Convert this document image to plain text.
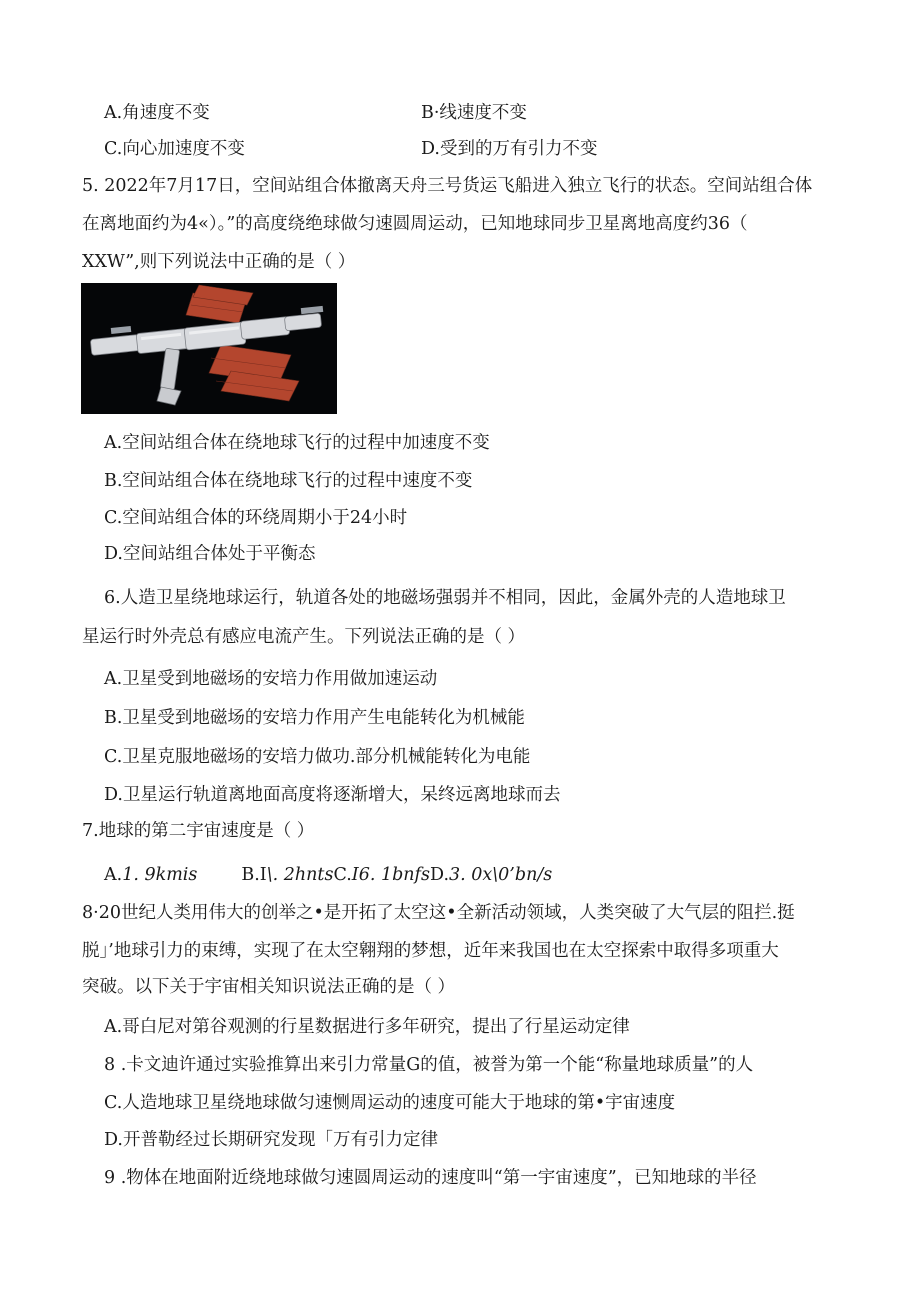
A.角速度不变	B·线速度不变
C.向心加速度不变	D.受到的万有引力不变
5. 2022年7月17日，空间站组合体撤离天舟三号货运飞船进入独立飞行的状态。空间站组合体
在离地面约为4«）。”的高度绕绝球做匀速圆周运动，已知地球同步卫星离地高度约36（
XXW”,则下列说法中正确的是（ ）
A.空间站组合体在绕地球飞行的过程中加速度不变
B.空间站组合体在绕地球飞行的过程中速度不变
C.空间站组合体的环绕周期小于24小时
D.空间站组合体处于平衡态
6.人造卫星绕地球运行，轨道各处的地磁场强弱并不相同，因此，金属外壳的人造地球卫
星运行时外壳总有感应电流产生。下列说法正确的是（ ）
A.卫星受到地磁场的安培力作用做加速运动
B.卫星受到地磁场的安培力作用产生电能转化为机械能
C.卫星克服地磁场的安培力做功.部分机械能转化为电能
D.卫星运行轨道离地面高度将逐渐增大，呆终远离地球而去
7.地球的第二宇宙速度是（ ）
A.1. 9kmis	B.I\. 2hntsC.I6. 1bnfsD.3. 0x\0’bn/s
8·20世纪人类用伟大的创举之•是开拓了太空这•全新活动领域，人类突破了大气层的阻拦.挺
脱」’地球引力的束缚，实现了在太空翱翔的梦想，近年来我国也在太空探索中取得多项重大
突破。以下关于宇宙相关知识说法正确的是（ ）
A.哥白尼对第谷观测的行星数据进行多年研究，提出了行星运动定律
8 .卡文迪许通过实验推算出来引力常量G的值，被誉为第一个能“称量地球质量”的人
C.人造地球卫星绕地球做匀速恻周运动的速度可能大于地球的第•宇宙速度
D.开普勒经过长期研究发现「万有引力定律
9 .物体在地面附近绕地球做匀速圆周运动的速度叫“第一宇宙速度”，已知地球的半径
